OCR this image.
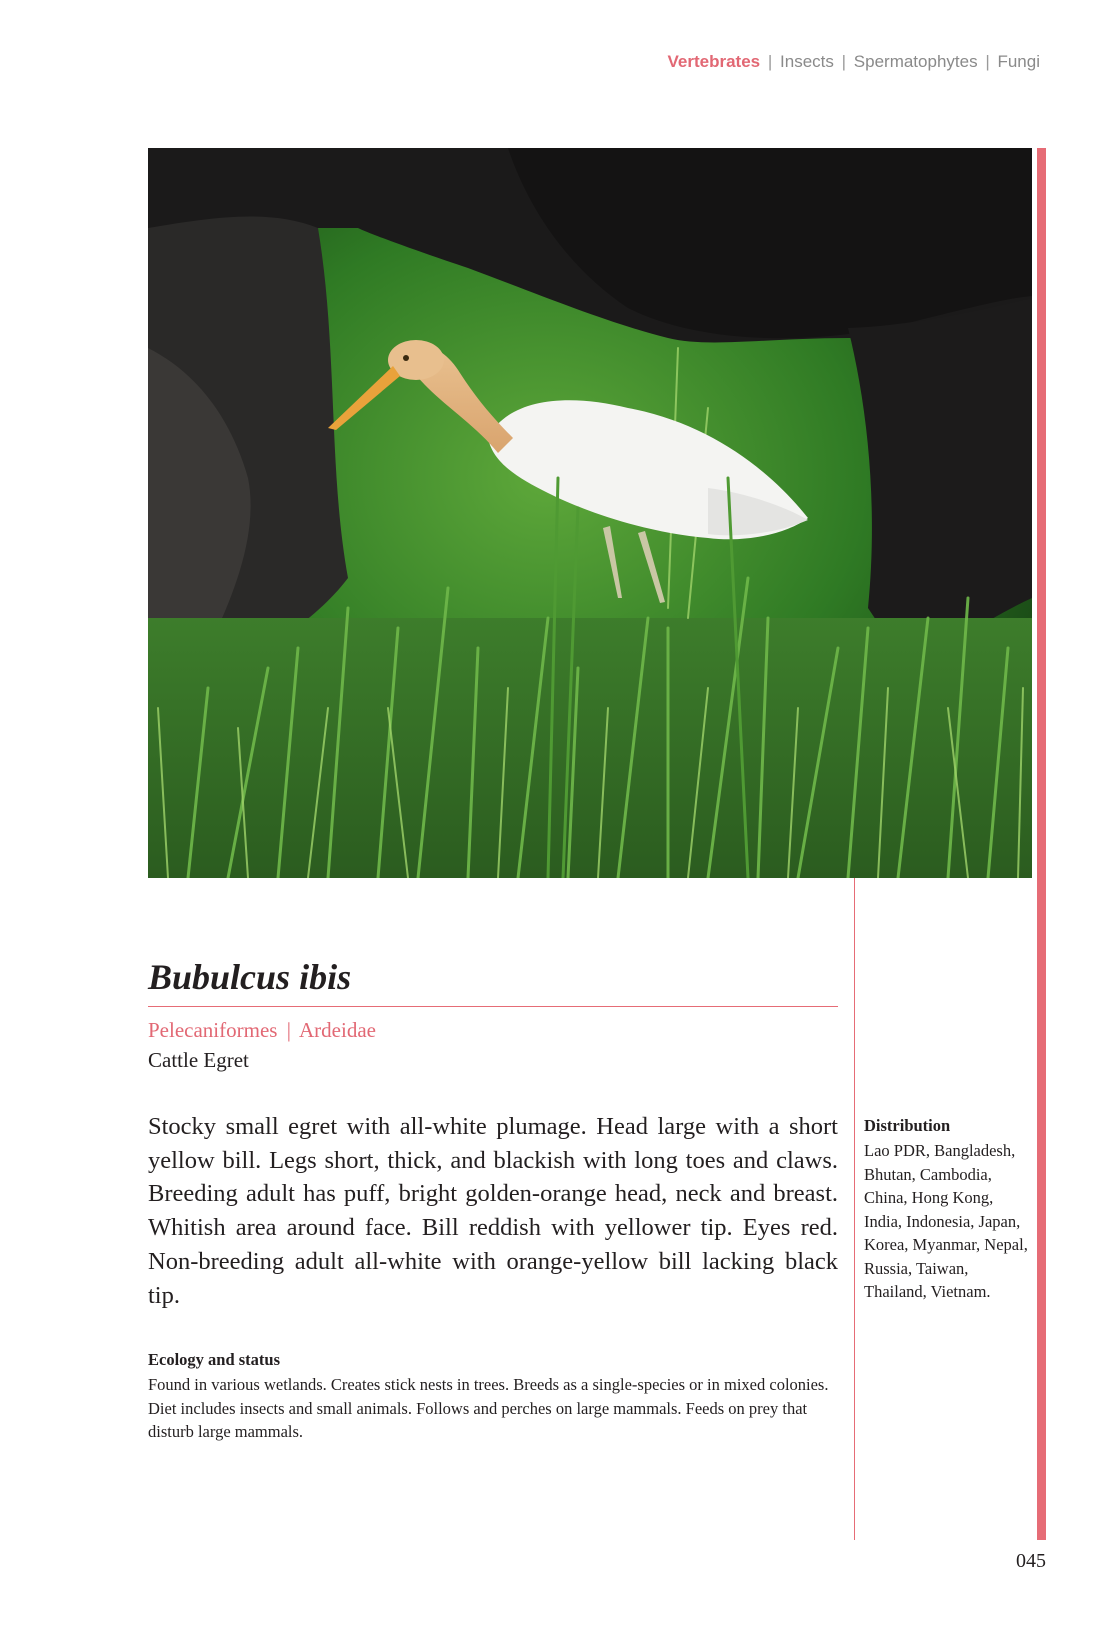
Vertebrates | Insects | Spermatophytes | Fungi
Bubulcus ibis
Pelecaniformes | Ardeidae
Cattle Egret

Stocky small egret with all-white plumage. Head large with a short yellow bill. Legs short, thick, and blackish with long toes and claws. Breeding adult has puff, bright golden-orange head, neck and breast. Whitish area around face. Bill reddish with yellower tip. Eyes red. Non-breeding adult all-white with orange-yellow bill lacking black tip.

Ecology and status

Found in various wetlands. Creates stick nests in trees. Breeds as a single-species or in mixed colonies. Diet includes insects and small animals. Follows and perches on large mammals. Feeds on prey that disturb large mammals.

Distribution

Lao PDR, Bangladesh, Bhutan, Cambodia, China, Hong Kong, India, Indonesia, Japan, Korea, Myanmar, Nepal, Russia, Taiwan, Thailand, Vietnam.

045
